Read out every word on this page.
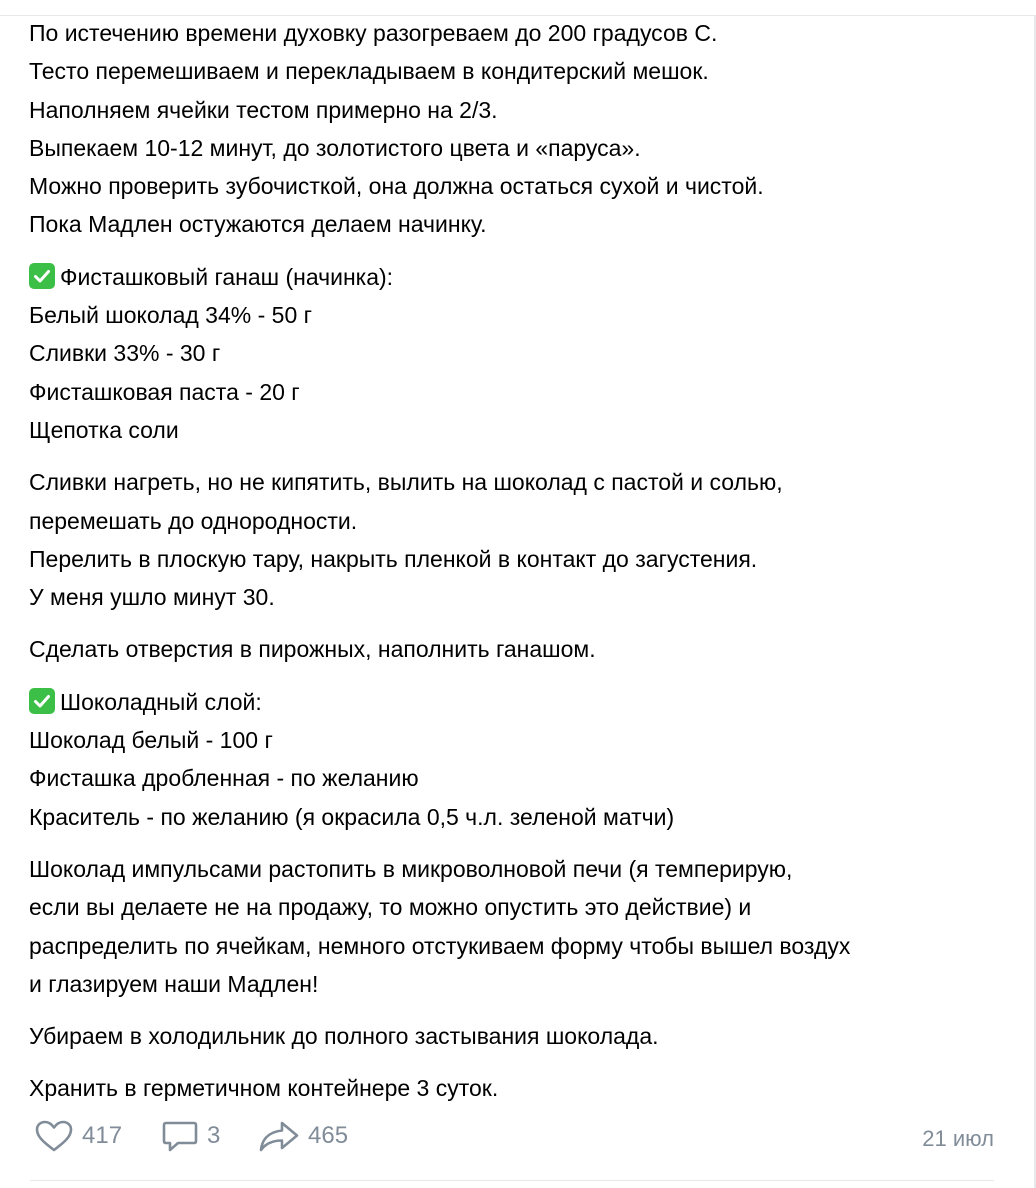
По истечению времени духовку разогреваем до 200 градусов С.
Тесто перемешиваем и перекладываем в кондитерский мешок.
Наполняем ячейки тестом примерно на 2/3.
Выпекаем 10-12 минут, до золотистого цвета и «паруса».
Можно проверить зубочисткой, она должна остаться сухой и чистой.
Пока Мадлен остужаются делаем начинку.
Фисташковый ганаш (начинка):
Белый шоколад 34% - 50 г
Сливки 33% - 30 г
Фисташковая паста - 20 г
Щепотка соли
Сливки нагреть, но не кипятить, вылить на шоколад с пастой и солью,
перемешать до однородности.
Перелить в плоскую тару, накрыть пленкой в контакт до загустения.
У меня ушло минут 30.
Сделать отверстия в пирожных, наполнить ганашом.
Шоколадный слой:
Шоколад белый - 100 г
Фисташка дробленная - по желанию
Краситель - по желанию (я окрасила 0,5 ч.л. зеленой матчи)
Шоколад импульсами растопить в микроволновой печи (я темперирую,
если вы делаете не на продажу, то можно опустить это действие) и
распределить по ячейкам, немного отстукиваем форму чтобы вышел воздух
и глазируем наши Мадлен!
Убираем в холодильник до полного застывания шоколада.
Хранить в герметичном контейнере 3 суток.
417	3	465	21 июл
